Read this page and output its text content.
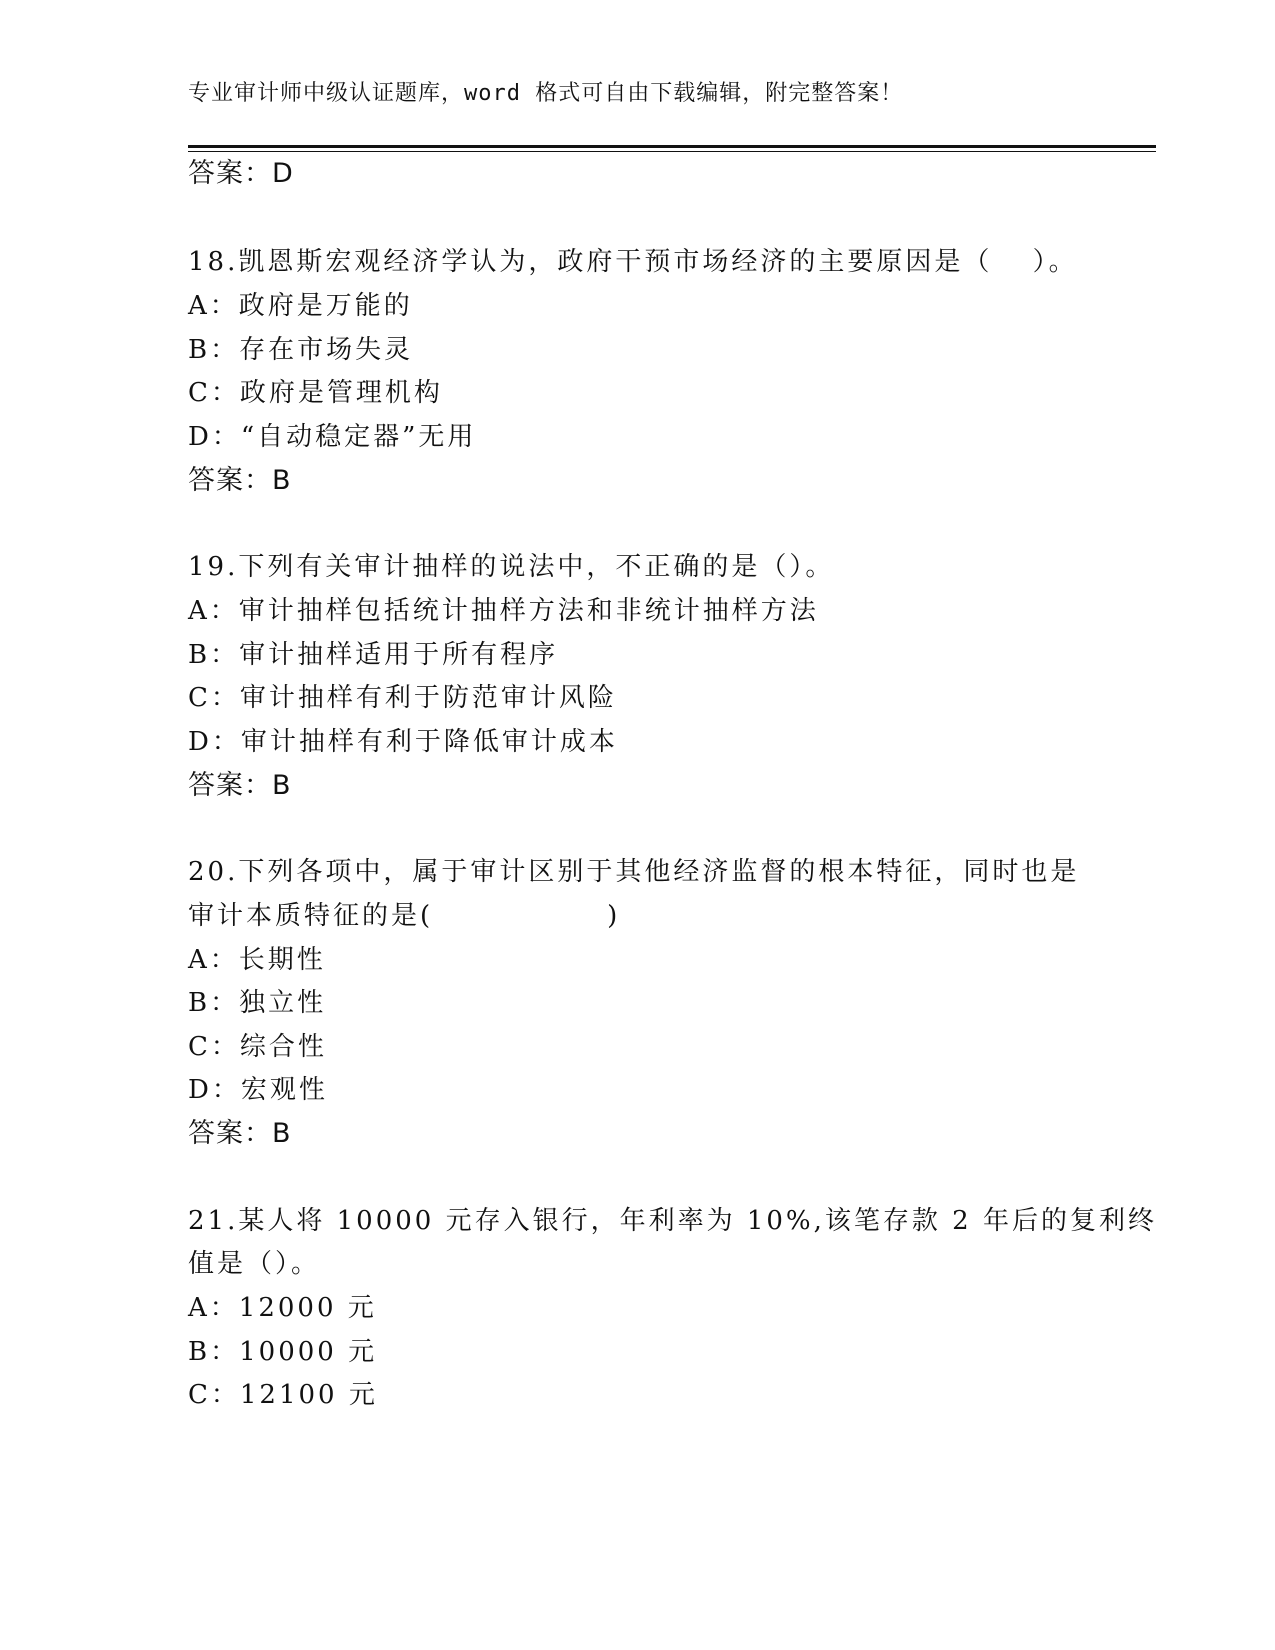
专业审计师中级认证题库，word 格式可自由下载编辑，附完整答案！
答案：D
18.凯恩斯宏观经济学认为，政府干预市场经济的主要原因是（　 ）。
A：政府是万能的
B：存在市场失灵
C：政府是管理机构
D：“自动稳定器”无用
答案：B
19.下列有关审计抽样的说法中，不正确的是（）。
A：审计抽样包括统计抽样方法和非统计抽样方法
B：审计抽样适用于所有程序
C：审计抽样有利于防范审计风险
D：审计抽样有利于降低审计成本
答案：B
20.下列各项中，属于审计区别于其他经济监督的根本特征，同时也是
审计本质特征的是(　　　　　　)
A：长期性
B：独立性
C：综合性
D：宏观性
答案：B
21.某人将 10000 元存入银行，年利率为 10%,该笔存款 2 年后的复利终
值是（）。
A：12000 元
B：10000 元
C：12100 元
